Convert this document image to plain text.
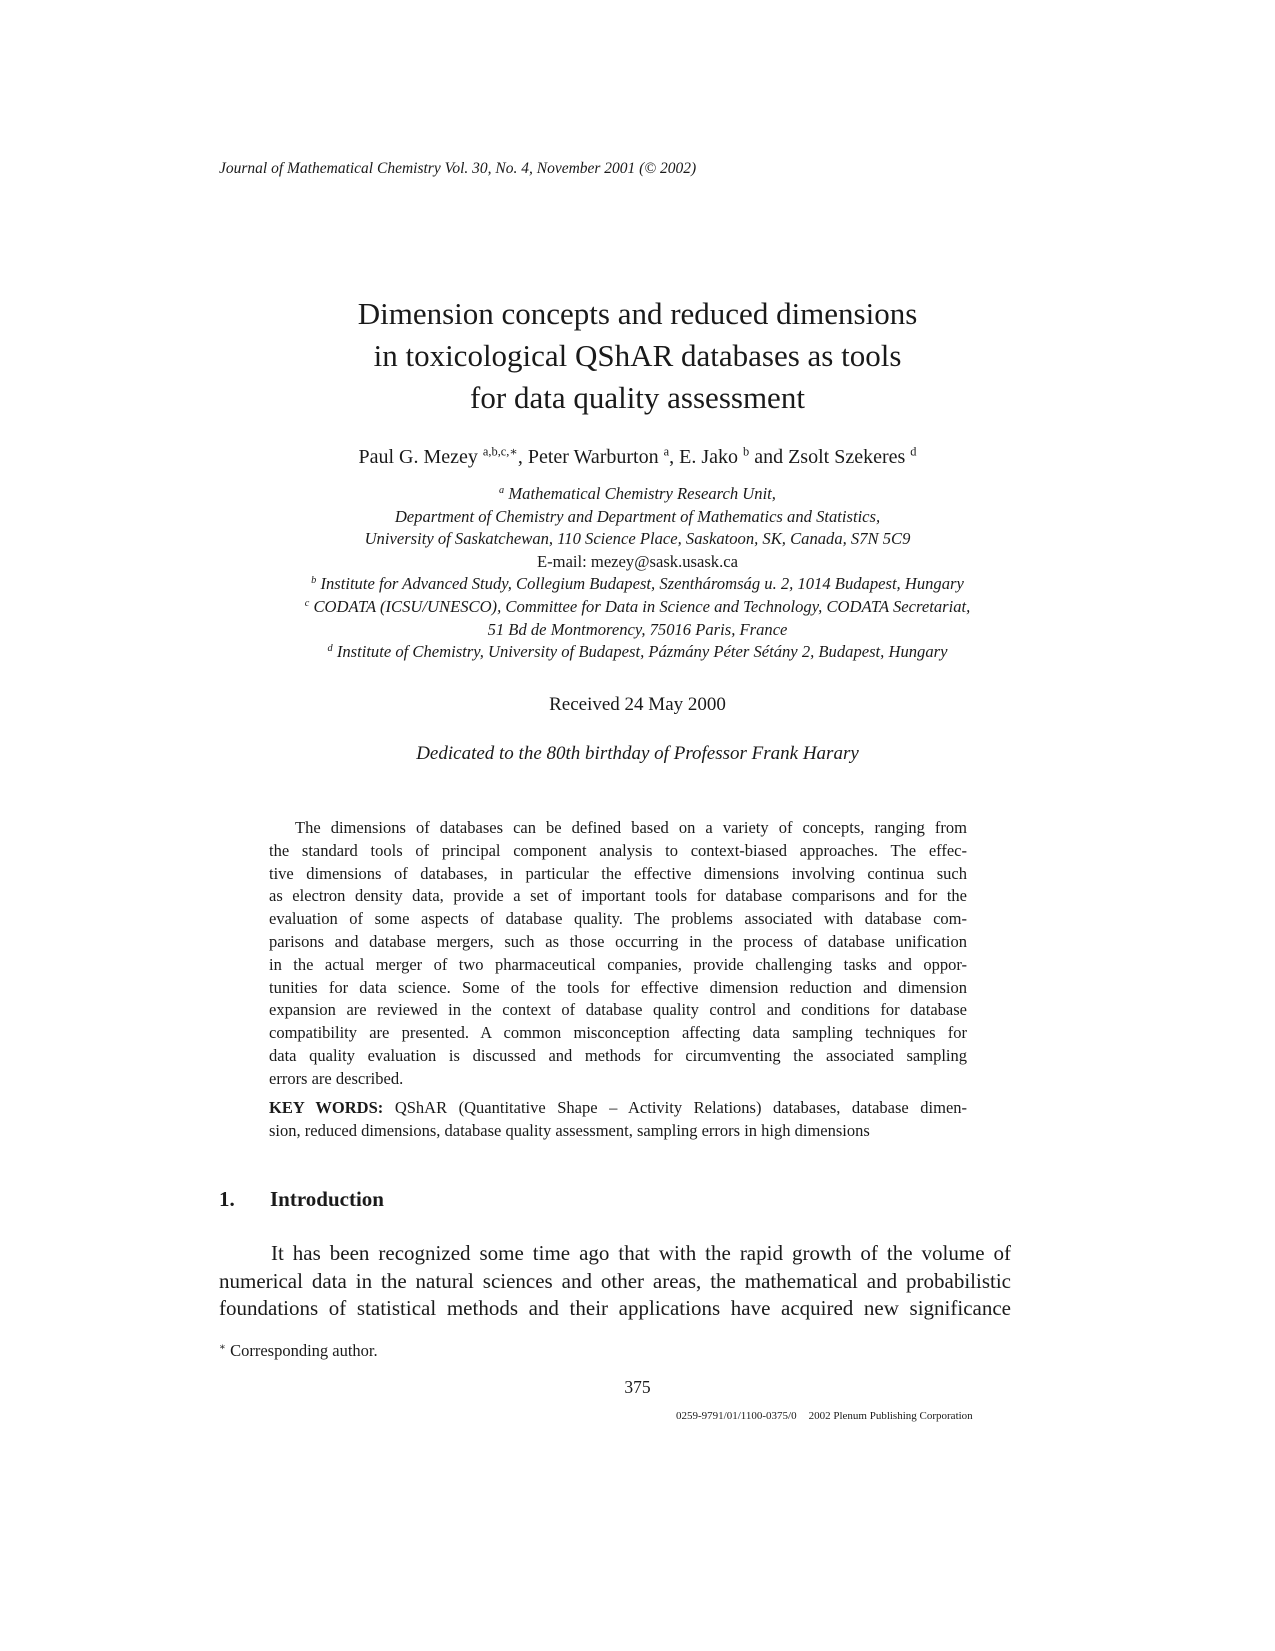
Journal of Mathematical Chemistry Vol. 30, No. 4, November 2001 (© 2002)
Dimension concepts and reduced dimensions
in toxicological QShAR databases as tools
for data quality assessment
Paul G. Mezey $^{a,b,c,∗}$, Peter Warburton $^a$, E. Jako $^b$ and Zsolt Szekeres $^d$
$^a$ Mathematical Chemistry Research Unit,
Department of Chemistry and Department of Mathematics and Statistics,
University of Saskatchewan, 110 Science Place, Saskatoon, SK, Canada, S7N 5C9
E-mail: mezey@sask.usask.ca
$^b$ Institute for Advanced Study, Collegium Budapest, Szentháromság u. 2, 1014 Budapest, Hungary
$^c$ CODATA (ICSU/UNESCO), Committee for Data in Science and Technology, CODATA Secretariat,
51 Bd de Montmorency, 75016 Paris, France
$^d$ Institute of Chemistry, University of Budapest, Pázmány Péter Sétány 2, Budapest, Hungary
Received 24 May 2000
Dedicated to the 80th birthday of Professor Frank Harary
The dimensions of databases can be defined based on a variety of concepts, ranging from
the standard tools of principal component analysis to context-biased approaches. The effec-
tive dimensions of databases, in particular the effective dimensions involving continua such
as electron density data, provide a set of important tools for database comparisons and for the
evaluation of some aspects of database quality. The problems associated with database com-
parisons and database mergers, such as those occurring in the process of database unification
in the actual merger of two pharmaceutical companies, provide challenging tasks and oppor-
tunities for data science. Some of the tools for effective dimension reduction and dimension
expansion are reviewed in the context of database quality control and conditions for database
compatibility are presented. A common misconception affecting data sampling techniques for
data quality evaluation is discussed and methods for circumventing the associated sampling
errors are described.
KEY WORDS: QShAR (Quantitative Shape – Activity Relations) databases, database dimen-
sion, reduced dimensions, database quality assessment, sampling errors in high dimensions
1. Introduction
It has been recognized some time ago that with the rapid growth of the volume of
numerical data in the natural sciences and other areas, the mathematical and probabilistic
foundations of statistical methods and their applications have acquired new significance
∗ Corresponding author.
375
0259-9791/01/1100-0375/0 2002 Plenum Publishing Corporation
